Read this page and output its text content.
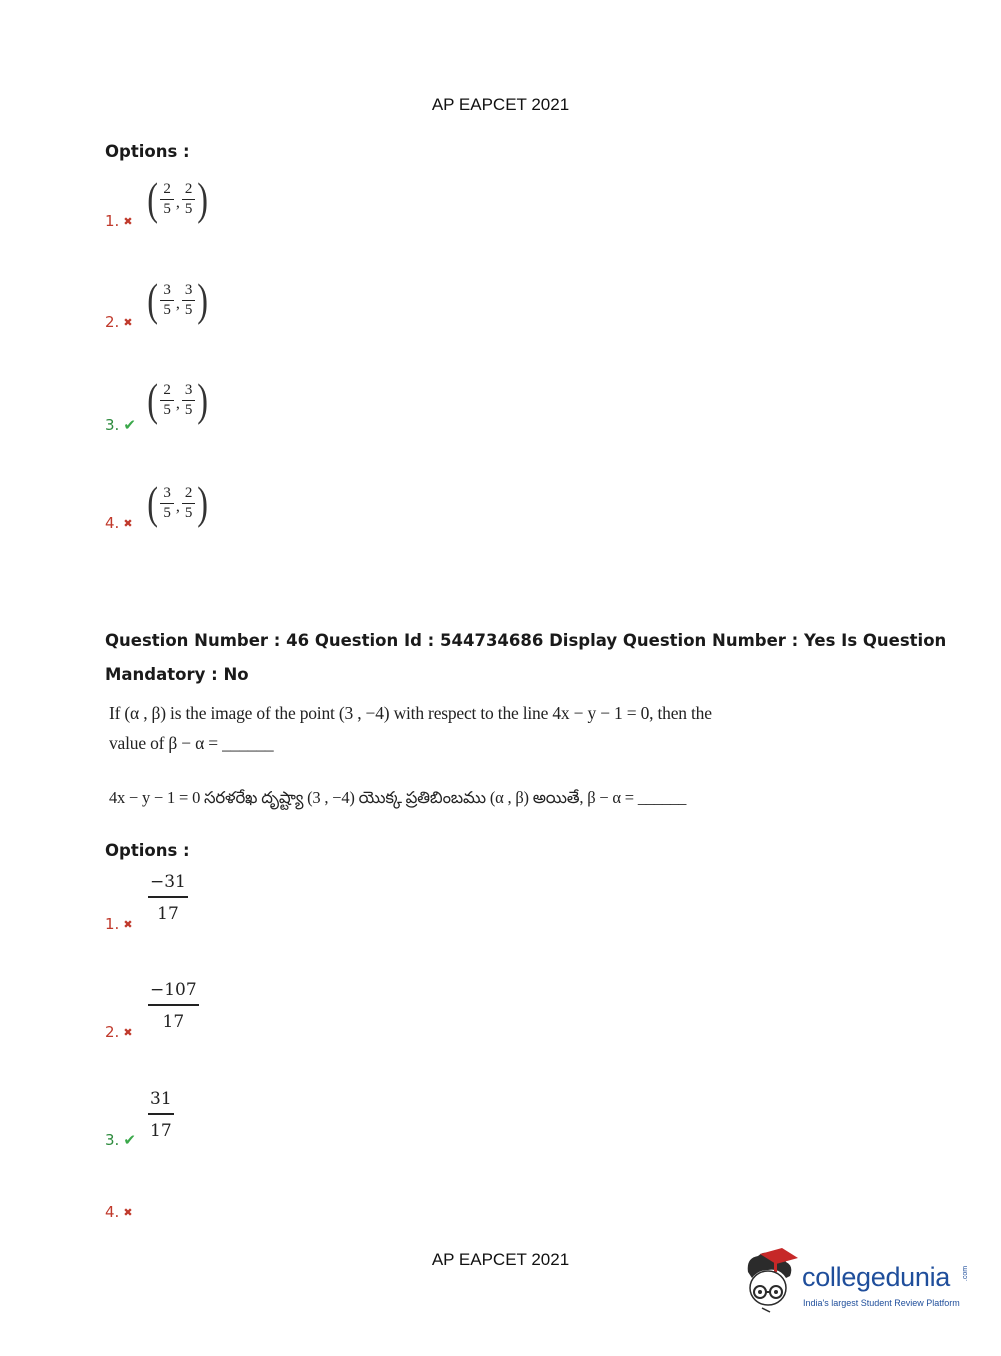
AP EAPCET 2021
Options :
1. ✖ ( $\frac{2}{5}$ , $\frac{2}{5}$ )
2. ✖ ( $\frac{3}{5}$ , $\frac{3}{5}$ )
3. ✔ ( $\frac{2}{5}$ , $\frac{3}{5}$ )
4. ✖ ( $\frac{3}{5}$ , $\frac{2}{5}$ )
Question Number : 46 Question Id : 544734686 Display Question Number : Yes Is Question
Mandatory : No
If (α , β) is the image of the point (3 , −4) with respect to the line 4x − y − 1 = 0, then the
value of β − α = ______
4x − y − 1 = 0 సరళరేఖ దృష్ట్యా (3 , −4) యొక్క ప్రతిబింబము (α , β) అయితే, β − α = ______
Options :
1. ✖ $\frac{-31}{17}$
2. ✖ $\frac{-107}{17}$
3. ✔ $\frac{31}{17}$
4. ✖
AP EAPCET 2021
collegedunia .com
India's largest Student Review Platform
